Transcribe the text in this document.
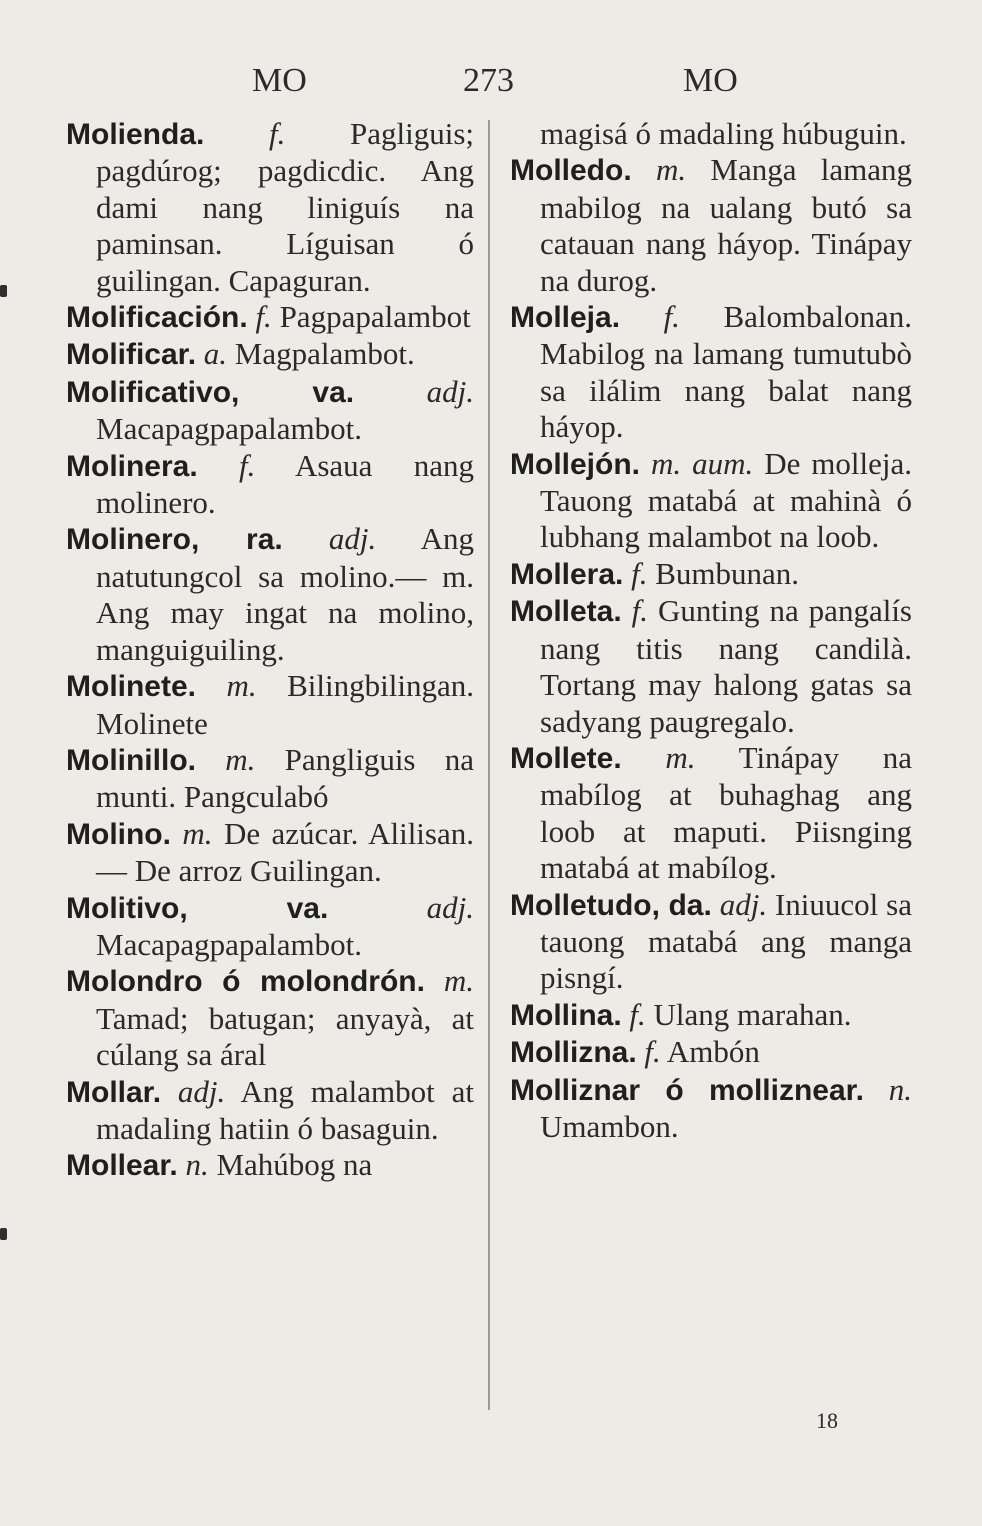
MO	273	MO
Molienda. f. Pagliguis; pagdúrog; pagdicdic. Ang dami nang liniguís na paminsan. Líguisan ó guilingan. Capaguran.
Molificación. f. Pagpapalambot
Molificar. a. Magpalambot.
Molificativo, va. adj. Macapagpapalambot.
Molinera. f. Asaua nang molinero.
Molinero, ra. adj. Ang natutungcol sa molino.— m. Ang may ingat na molino, manguiguiling.
Molinete. m. Bilingbilingan. Molinete
Molinillo. m. Pangliguis na munti. Pangculabó
Molino. m. De azúcar. Alilisan.— De arroz Guilingan.
Molitivo, va.	adj. Macapagpapalambot.
Molondro ó molondrón. m. Tamad; batugan; anyayà, at cúlang sa áral
Mollar. adj. Ang malambot at madaling hatiin ó basaguin.
Mollear. n. Mahúbog na
magisá ó madaling húbuguin.
Molledo. m. Manga lamang mabilog na ualang butó sa catauan nang háyop. Tinápay na durog.
Molleja. f. Balombalonan. Mabilog na lamang tumutubò sa ilálim nang balat nang háyop.
Mollejón. m. aum. De molleja. Tauong matabá at mahinà ó lubhang malambot na loob.
Mollera. f. Bumbunan.
Molleta. f. Gunting na pangalís nang titis nang candilà. Tortang may halong gatas sa sadyang paugregalo.
Mollete. m. Tinápay na mabílog at buhaghag ang loob at maputi. Piisnging matabá at mabílog.
Molletudo, da. adj. Iniuucol sa tauong matabá ang manga pisngí.
Mollina. f. Ulang marahan.
Mollizna. f. Ambón
Molliznar ó molliznear. n. Umambon.
18
